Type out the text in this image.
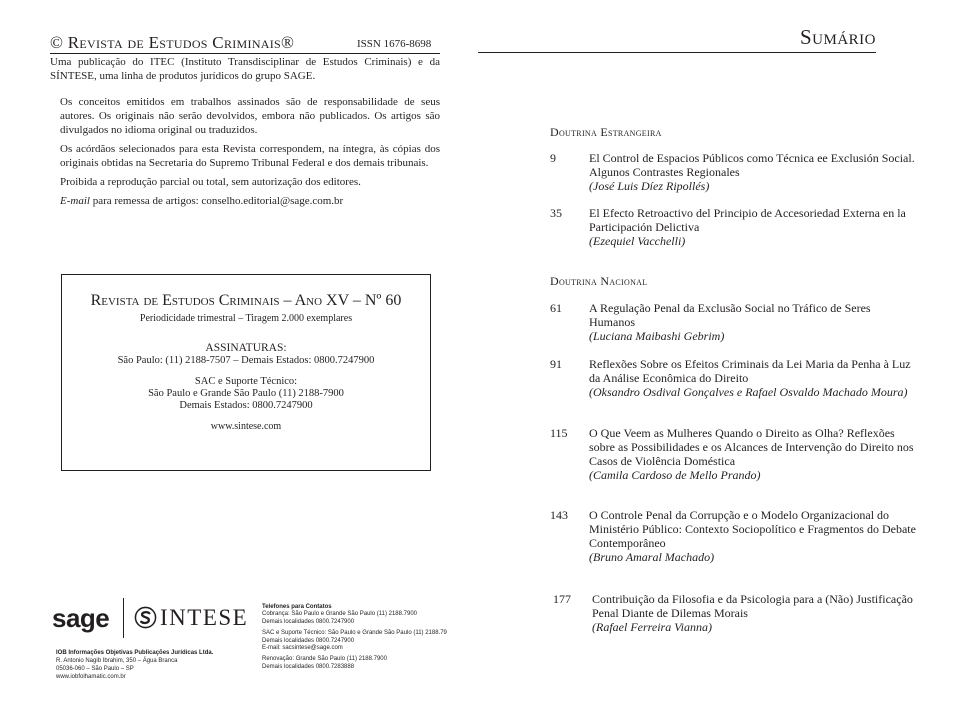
© Revista de Estudos Criminais®	ISSN 1676-8698
Uma publicação do ITEC (Instituto Transdisciplinar de Estudos Criminais) e da SÍNTESE, uma linha de produtos jurídicos do grupo SAGE.

Os conceitos emitidos em trabalhos assinados são de responsabilidade de seus autores. Os originais não serão devolvidos, embora não publicados. Os artigos são divulgados no idioma original ou traduzidos.

Os acórdãos selecionados para esta Revista correspondem, na íntegra, às cópias dos originais obtidas na Secretaria do Supremo Tribunal Federal e dos demais tribunais.

Proibida a reprodução parcial ou total, sem autorização dos editores.

E-mail para remessa de artigos: conselho.editorial@sage.com.br

Revista de Estudos Criminais – Ano XV – Nº 60
Periodicidade trimestral – Tiragem 2.000 exemplares
ASSINATURAS:
São Paulo: (11) 2188-7507 – Demais Estados: 0800.7247900
SAC e Suporte Técnico:
São Paulo e Grande São Paulo (11) 2188-7900
Demais Estados: 0800.7247900
www.sintese.com
sage	INTESE
IOB Informações Objetivas Publicações Jurídicas Ltda.
R. Antonio Nagib Ibrahim, 350 – Água Branca
05036-060 – São Paulo – SP
www.iobfolhamatic.com.br
Telefones para Contatos
Cobrança: São Paulo e Grande São Paulo (11) 2188.7900
Demais localidades 0800.7247900
SAC e Suporte Técnico: São Paulo e Grande São Paulo (11) 2188.79
Demais localidades 0800.7247900
E-mail: sacsintese@sage.com
Renovação: Grande São Paulo (11) 2188.7900
Demais localidades 0800.7283888
Sumário
Doutrina Estrangeira
9	El Control de Espacios Públicos como Técnica ee Exclusión Social. Algunos Contrastes Regionales
(José Luis Díez Ripollés)
35 El Efecto Retroactivo del Principio de Accesoriedad Externa en la Participación Delictiva
(Ezequiel Vacchelli)
Doutrina Nacional
61 A Regulação Penal da Exclusão Social no Tráfico de Seres Humanos
(Luciana Maibashi Gebrim)
91 Reflexões Sobre os Efeitos Criminais da Lei Maria da Penha à Luz da Análise Econômica do Direito
(Oksandro Osdival Gonçalves e Rafael Osvaldo Machado Moura)
115 O Que Veem as Mulheres Quando o Direito as Olha? Reflexões sobre as Possibilidades e os Alcances de Intervenção do Direito nos Casos de Violência Doméstica
(Camila Cardoso de Mello Prando)
143 O Controle Penal da Corrupção e o Modelo Organizacional do Ministério Público: Contexto Sociopolítico e Fragmentos do Debate Contemporâneo
(Bruno Amaral Machado)
177 Contribuição da Filosofia e da Psicologia para a (Não) Justificação Penal Diante de Dilemas Morais
(Rafael Ferreira Vianna)
